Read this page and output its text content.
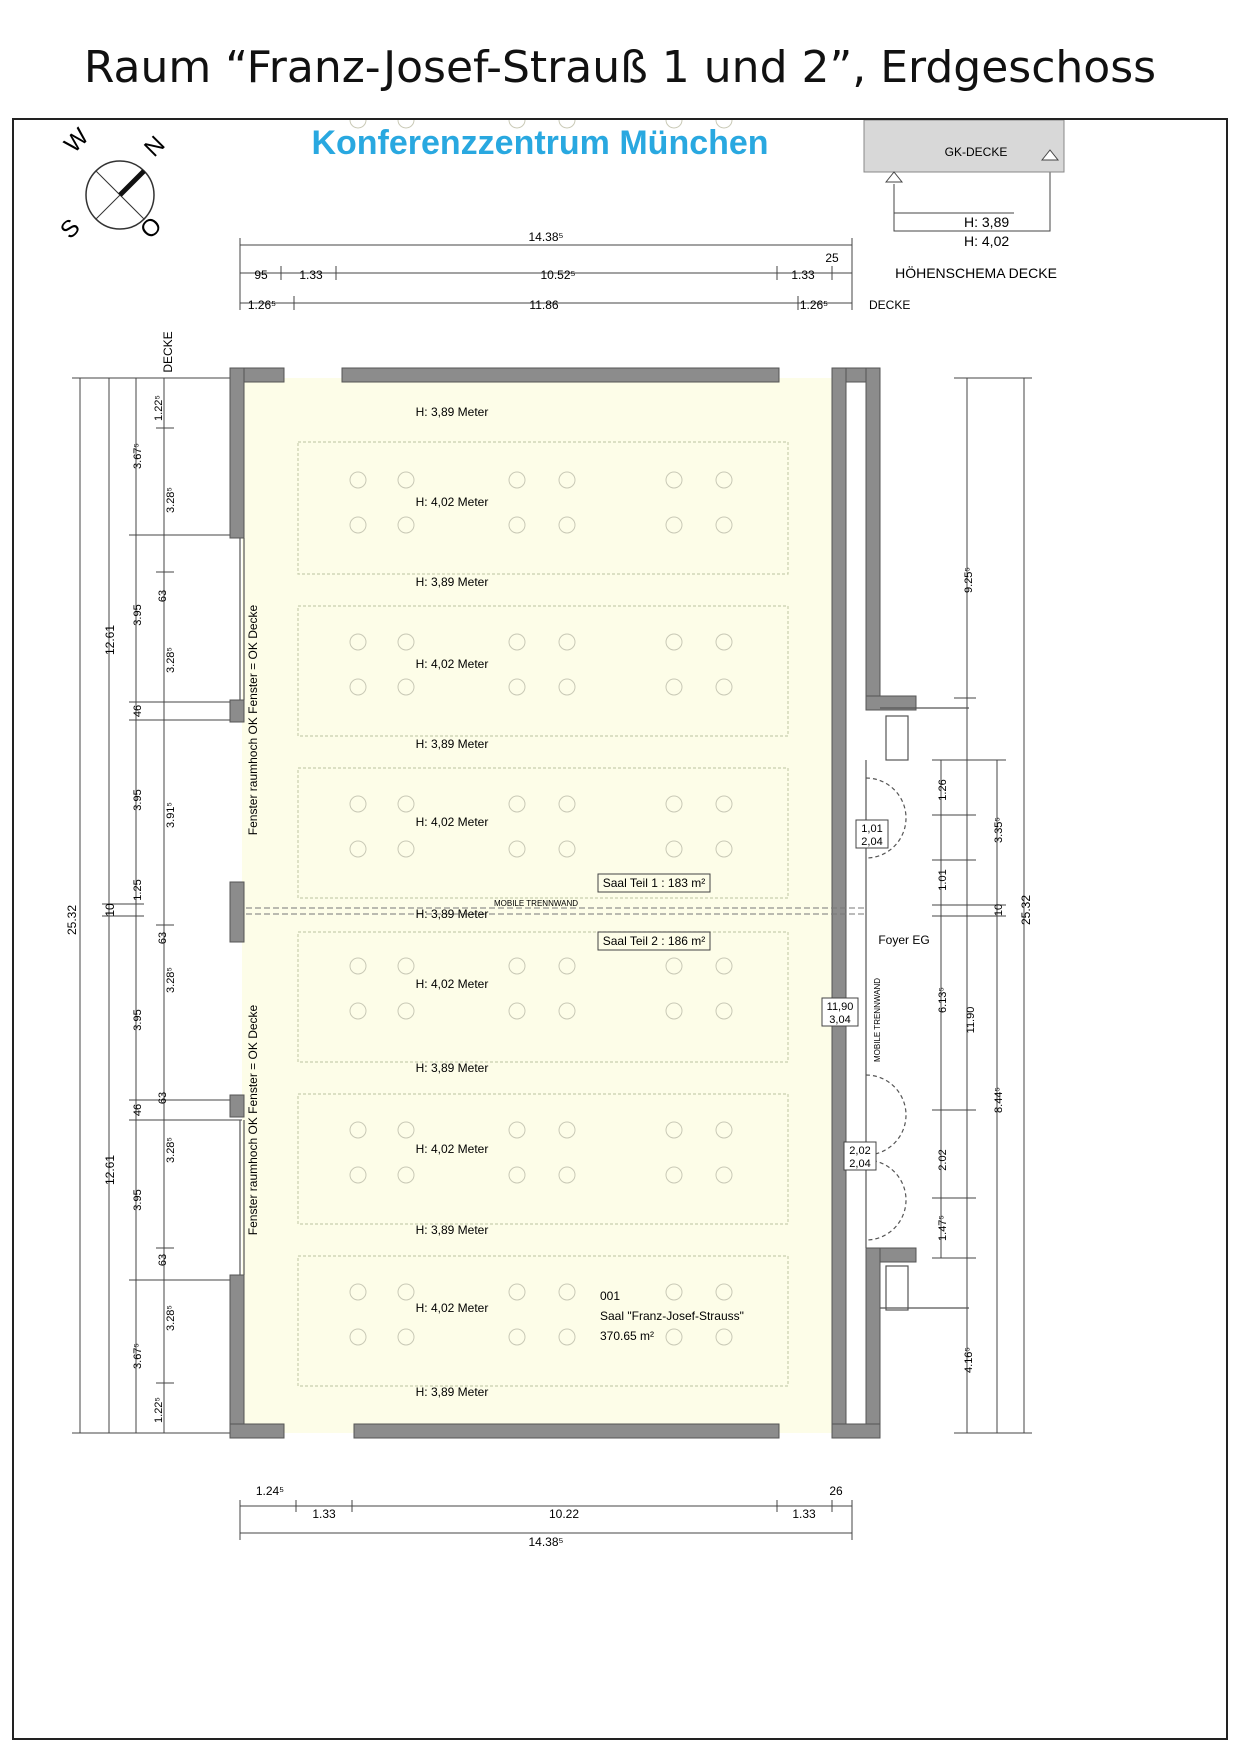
Raum “Franz-Josef-Strauß 1 und 2”, Erdgeschoss
W N
S O
Konferenzzentrum München	GK-DECKE
H: 3,89
H: 4,02
HÖHENSCHEMA DECKE
14.38⁵
95	1.33	10.52⁵	1.33
25
1.26⁵	11.86	1.26⁵	DECKE
1.24⁵
1.33	10.22	1.33
26
14.38⁵
25.32
12.61
10
12.61
3.67⁵
3.95
46
3.95
1.25
63
3.95
46
3.95
3.67⁵
1.22⁵
3.28⁵
63
3.28⁵
3.91⁵
3.28⁵
63
3.28⁵
63
3.28⁵
1.22⁵
DECKE
25.32
9.25⁵
3.35⁵
10
8.44⁵
4.16⁵
1.26
1.01
6.13⁵
11.90
2.02
1.47⁵
H: 3,89 Meter
H: 4,02 Meter
H: 3,89 Meter
H: 4,02 Meter
H: 3,89 Meter
H: 4,02 Meter
H: 3,89 Meter
H: 4,02 Meter
H: 3,89 Meter
H: 4,02 Meter
H: 3,89 Meter
H: 4,02 Meter
H: 3,89 Meter
Fenster raumhoch OK Fenster = OK Decke
Fenster raumhoch OK Fenster = OK Decke
MOBILE TRENNWAND
Saal Teil 1 : 183 m²
Saal Teil 2 : 186 m²
001
Saal "Franz-Josef-Strauss"
370.65 m²
Foyer EG
MOBILE TRENNWAND
1,01
2,04
11,90
3,04
2,02
2,04
